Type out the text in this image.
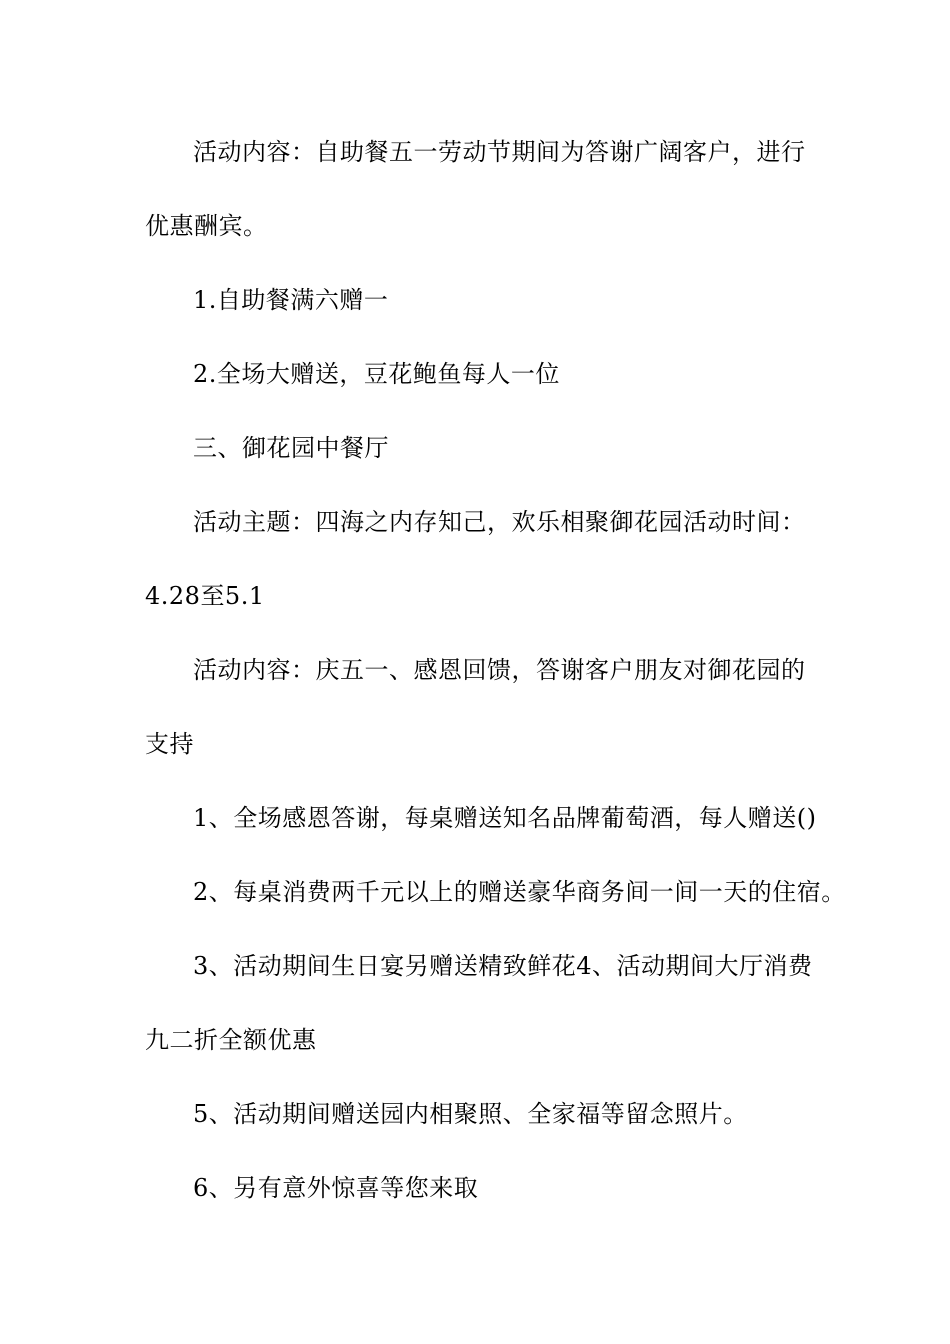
活动内容：自助餐五一劳动节期间为答谢广阔客户，进行
优惠酬宾。
1.自助餐满六赠一
2.全场大赠送，豆花鲍鱼每人一位
三、御花园中餐厅
活动主题：四海之内存知己，欢乐相聚御花园活动时间：
4.28至5.1
活动内容：庆五一、感恩回馈，答谢客户朋友对御花园的
支持
1、全场感恩答谢，每桌赠送知名品牌葡萄酒，每人赠送()
2、每桌消费两千元以上的赠送豪华商务间一间一天的住宿。
3、活动期间生日宴另赠送精致鲜花4、活动期间大厅消费
九二折全额优惠
5、活动期间赠送园内相聚照、全家福等留念照片。
6、另有意外惊喜等您来取
